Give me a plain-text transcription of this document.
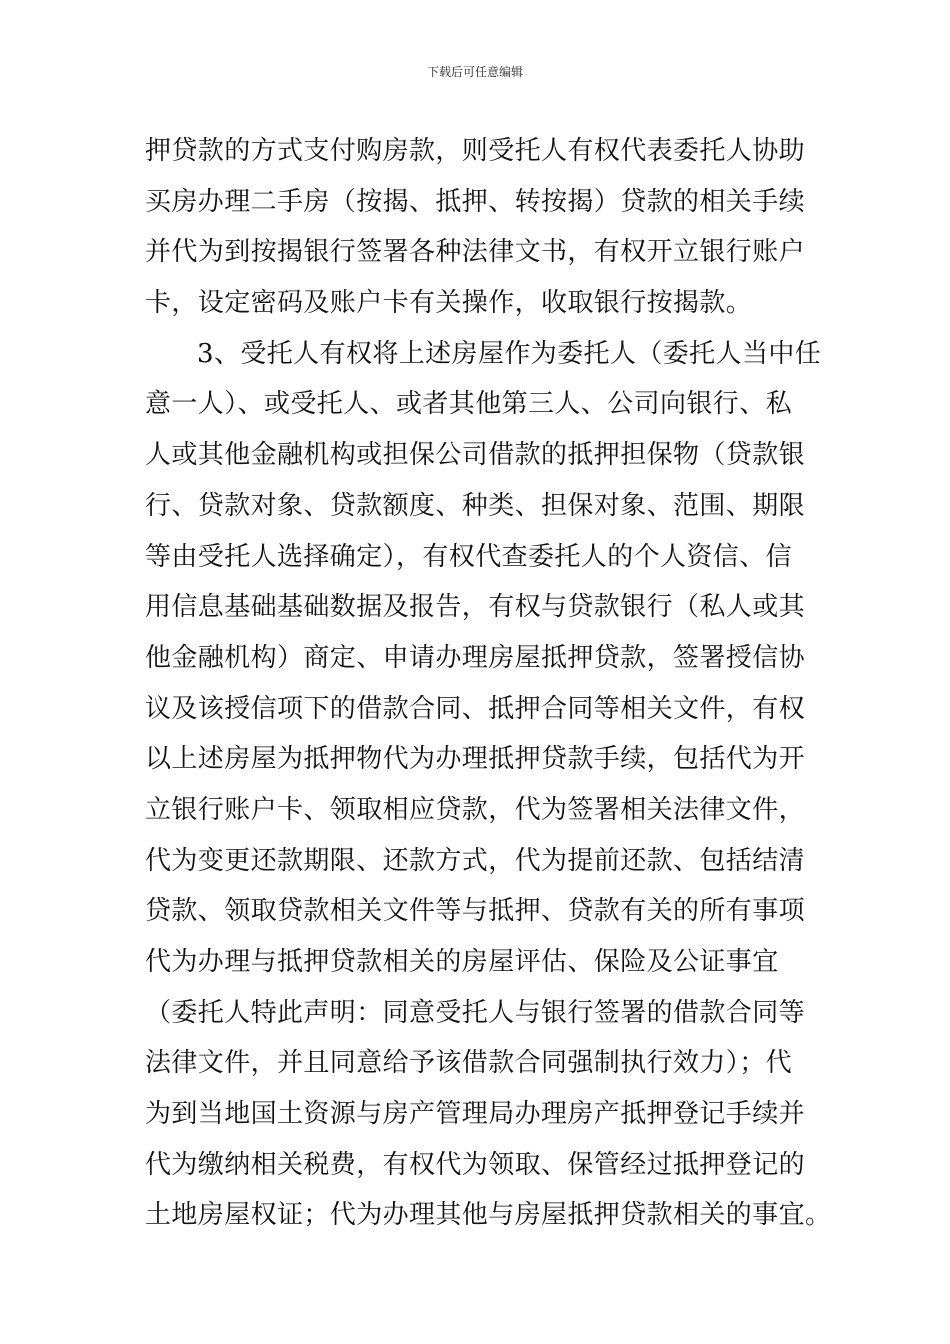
下载后可任意编辑
押贷款的方式支付购房款，则受托人有权代表委托人协助
买房办理二手房（按揭、抵押、转按揭）贷款的相关手续
并代为到按揭银行签署各种法律文书，有权开立银行账户
卡，设定密码及账户卡有关操作，收取银行按揭款。
3、受托人有权将上述房屋作为委托人（委托人当中任
意一人）、或受托人、或者其他第三人、公司向银行、私
人或其他金融机构或担保公司借款的抵押担保物（贷款银
行、贷款对象、贷款额度、种类、担保对象、范围、期限
等由受托人选择确定），有权代查委托人的个人资信、信
用信息基础基础数据及报告，有权与贷款银行（私人或其
他金融机构）商定、申请办理房屋抵押贷款，签署授信协
议及该授信项下的借款合同、抵押合同等相关文件，有权
以上述房屋为抵押物代为办理抵押贷款手续，包括代为开
立银行账户卡、领取相应贷款，代为签署相关法律文件，
代为变更还款期限、还款方式，代为提前还款、包括结清
贷款、领取贷款相关文件等与抵押、贷款有关的所有事项
代为办理与抵押贷款相关的房屋评估、保险及公证事宜
（委托人特此声明：同意受托人与银行签署的借款合同等
法律文件，并且同意给予该借款合同强制执行效力）；代
为到当地国土资源与房产管理局办理房产抵押登记手续并
代为缴纳相关税费，有权代为领取、保管经过抵押登记的
土地房屋权证；代为办理其他与房屋抵押贷款相关的事宜。
